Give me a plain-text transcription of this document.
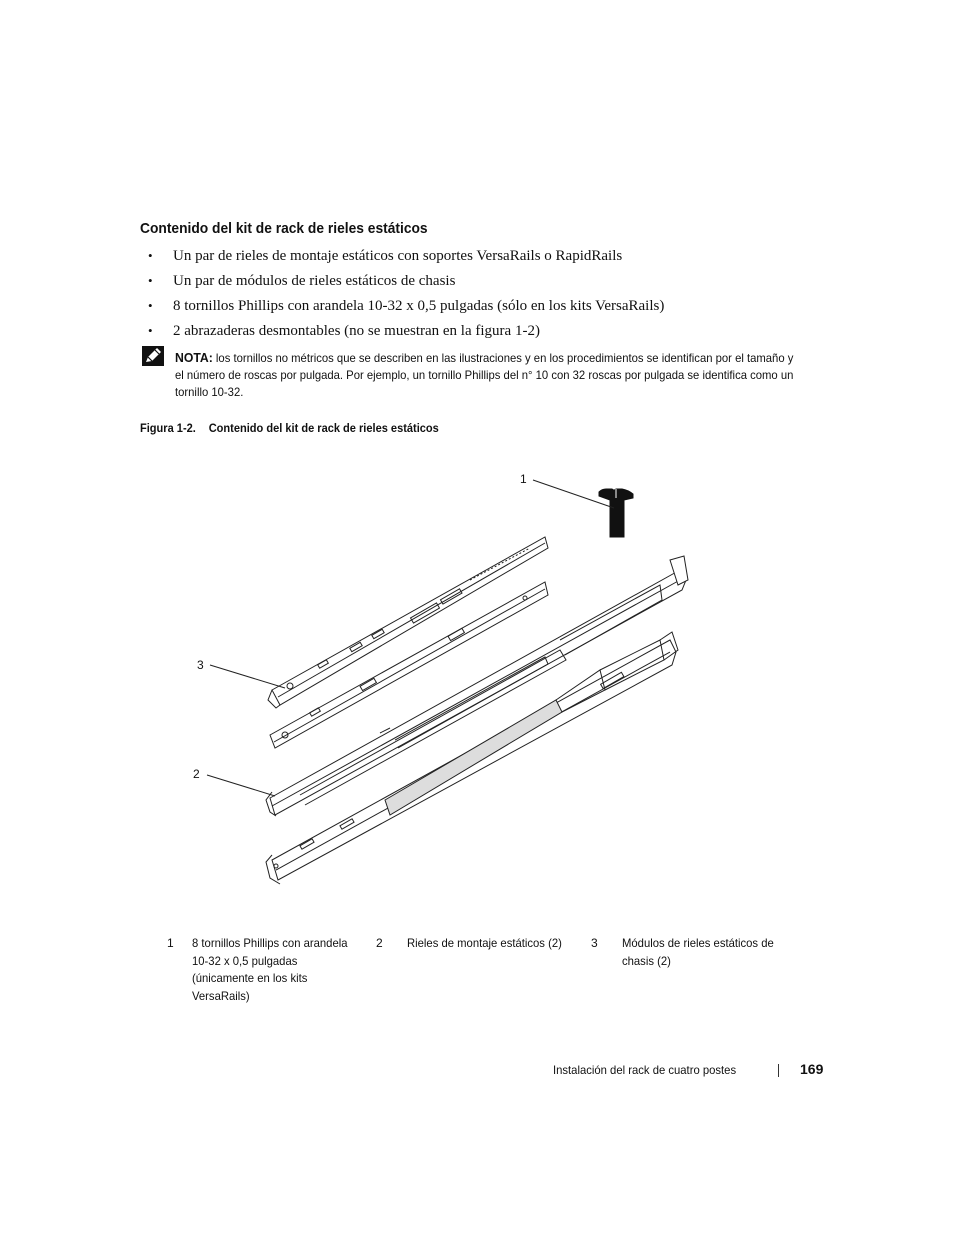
Contenido del kit de rack de rieles estáticos
• Un par de rieles de montaje estáticos con soportes VersaRails o RapidRails
• Un par de módulos de rieles estáticos de chasis
• 8 tornillos Phillips con arandela 10-32 x 0,5 pulgadas (sólo en los kits VersaRails)
• 2 abrazaderas desmontables (no se muestran en la figura 1-2)
NOTA: los tornillos no métricos que se describen en las ilustraciones y en los procedimientos se identifican por el tamaño y el número de roscas por pulgada. Por ejemplo, un tornillo Phillips del n° 10 con 32 roscas por pulgada se identifica como un tornillo 10-32.
Figura 1-2. Contenido del kit de rack de rieles estáticos
1
3
2
1 8 tornillos Phillips con arandela 10-32 x 0,5 pulgadas (únicamente en los kits VersaRails)
2 Rieles de montaje estáticos (2)	3 Módulos de rieles estáticos de chasis (2)
Instalación del rack de cuatro postes	169
